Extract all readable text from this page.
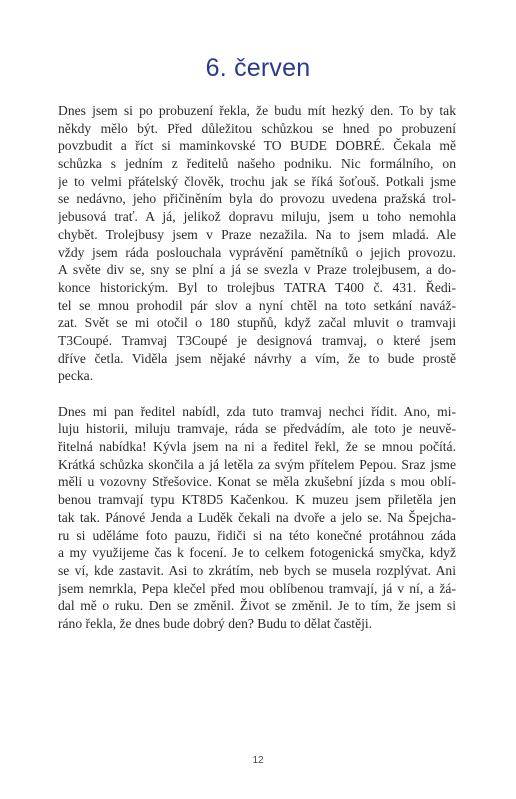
6. červen
Dnes jsem si po probuzení řekla, že budu mít hezký den. To by tak
někdy mělo být. Před důležitou schůzkou se hned po probuzení
povzbudit a říct si maminkovské TO BUDE DOBRÉ. Čekala mě
schůzka s jedním z ředitelů našeho podniku. Nic formálního, on
je to velmi přátelský člověk, trochu jak se říká šoťouš. Potkali jsme
se nedávno, jeho přičiněním byla do provozu uvedena pražská trol-
jebusová trať. A já, jelikož dopravu miluju, jsem u toho nemohla
chybět. Trolejbusy jsem v Praze nezažila. Na to jsem mladá. Ale
vždy jsem ráda poslouchala vyprávění pamětníků o jejich provozu.
A světe div se, sny se plní a já se svezla v Praze trolejbusem, a do-
konce historickým. Byl to trolejbus TATRA T400 č. 431. Ředi-
tel se mnou prohodil pár slov a nyní chtěl na toto setkání naváž-
zat. Svět se mi otočil o 180 stupňů, když začal mluvit o tramvaji
T3Coupé. Tramvaj T3Coupé je designová tramvaj, o které jsem
dříve četla. Viděla jsem nějaké návrhy a vím, že to bude prostě
pecka.
Dnes mi pan ředitel nabídl, zda tuto tramvaj nechci řídit. Ano, mi-
luju historii, miluju tramvaje, ráda se předvádím, ale toto je neuvě-
řitelná nabídka! Kývla jsem na ni a ředitel řekl, že se mnou počítá.
Krátká schůzka skončila a já letěla za svým přítelem Pepou. Sraz jsme
měli u vozovny Střešovice. Konat se měla zkušební jízda s mou oblí-
benou tramvají typu KT8D5 Kačenkou. K muzeu jsem přiletěla jen
tak tak. Pánové Jenda a Luděk čekali na dvoře a jelo se. Na Špejcha-
ru si uděláme foto pauzu, řidiči si na této konečné protáhnou záda
a my využijeme čas k focení. Je to celkem fotogenická smyčka, když
se ví, kde zastavit. Asi to zkrátím, neb bych se musela rozplývat. Ani
jsem nemrkla, Pepa klečel před mou oblíbenou tramvají, já v ní, a žá-
dal mě o ruku. Den se změnil. Život se změnil. Je to tím, že jsem si
ráno řekla, že dnes bude dobrý den? Budu to dělat častěji.
12
